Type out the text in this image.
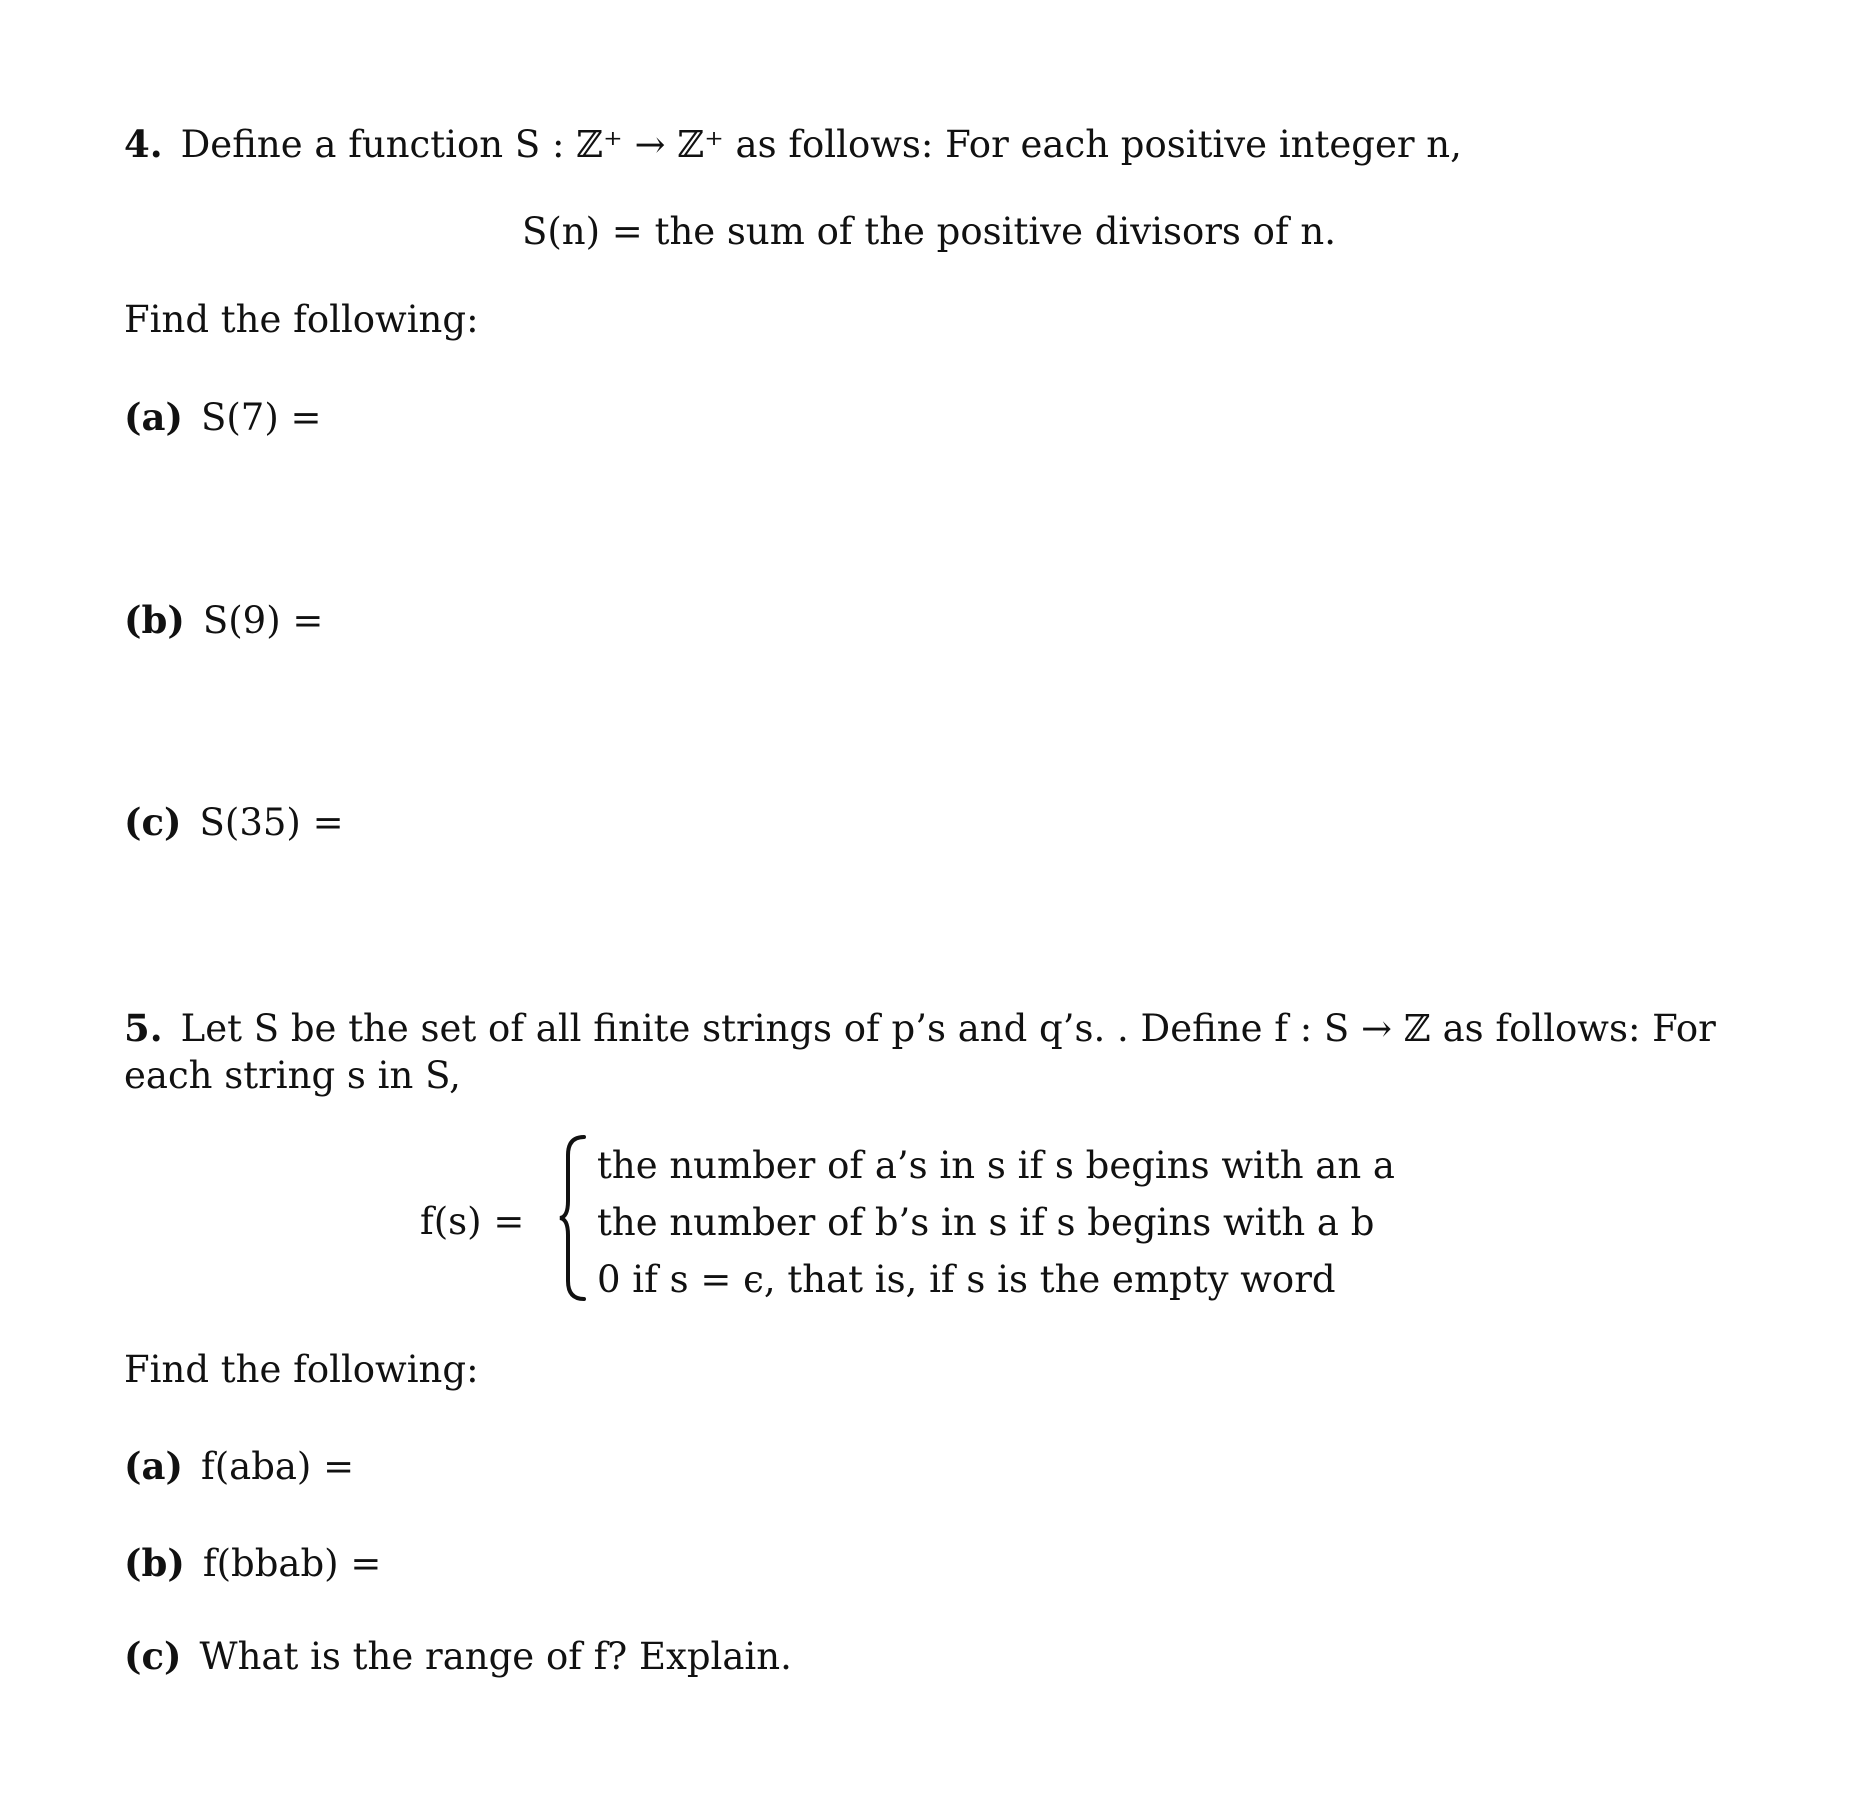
4. Define a function S : ℤ⁺ → ℤ⁺ as follows: For each positive integer n,
S(n) = the sum of the positive divisors of n.
Find the following:
(a) S(7) =
(b) S(9) =
(c) S(35) =
5. Let S be the set of all finite strings of p’s and q’s. . Define f : S → ℤ as follows: For
each string s in S,
f(s) =
the number of a’s in s if s begins with an a
the number of b’s in s if s begins with a b
0 if s = ϵ, that is, if s is the empty word
Find the following:
(a) f(aba) =
(b) f(bbab) =
(c) What is the range of f? Explain.
